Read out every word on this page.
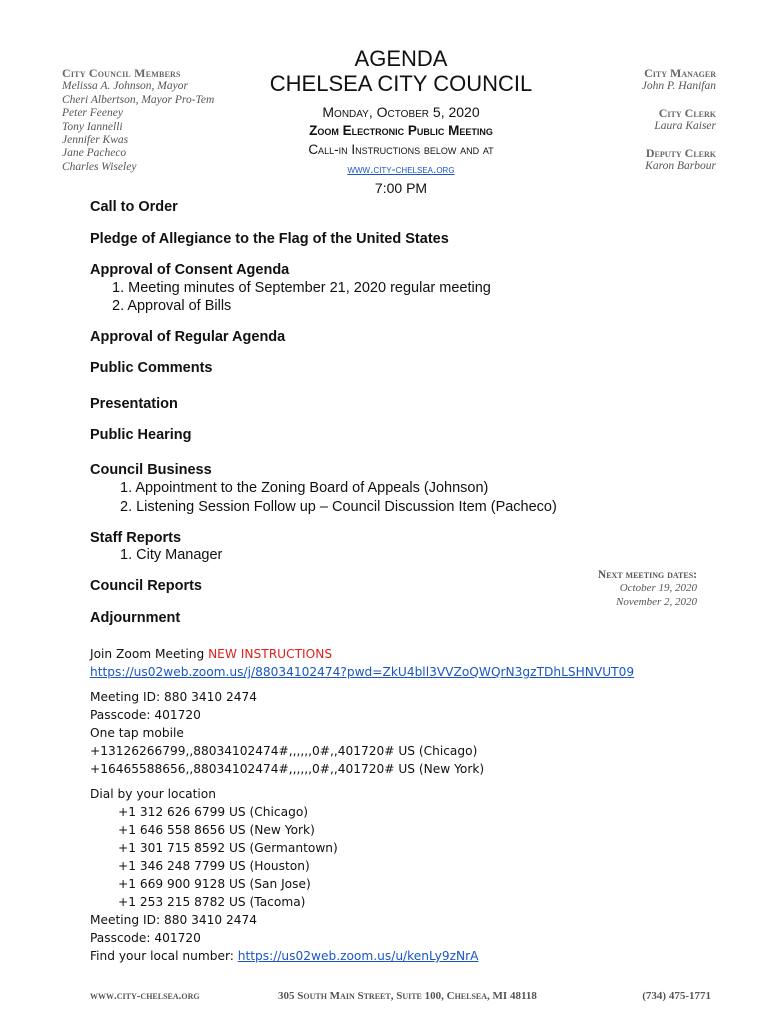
City Council Members
Melissa A. Johnson, Mayor
Cheri Albertson, Mayor Pro-Tem
Peter Feeney
Tony Iannelli
Jennifer Kwas
Jane Pacheco
Charles Wiseley
AGENDA
CHELSEA CITY COUNCIL
Monday, October 5, 2020
Zoom Electronic Public Meeting
Call-in Instructions below and at
www.city-chelsea.org
7:00 PM
City Manager
John P. Hanifan
City Clerk
Laura Kaiser
Deputy Clerk
Karon Barbour
Call to Order
Pledge of Allegiance to the Flag of the United States
Approval of Consent Agenda
1. Meeting minutes of September 21, 2020 regular meeting
2. Approval of Bills
Approval of Regular Agenda
Public Comments
Presentation
Public Hearing
Council Business
1. Appointment to the Zoning Board of Appeals (Johnson)
2. Listening Session Follow up – Council Discussion Item (Pacheco)
Staff Reports
1. City Manager
Council Reports
Adjournment
Next meeting dates:
October 19, 2020
November 2, 2020
Join Zoom Meeting NEW INSTRUCTIONS
https://us02web.zoom.us/j/88034102474?pwd=ZkU4bll3VVZoQWQrN3gzTDhLSHNVUT09
Meeting ID: 880 3410 2474
Passcode: 401720
One tap mobile
+13126266799,,88034102474#,,,,,,0#,,401720# US (Chicago)
+16465588656,,88034102474#,,,,,,0#,,401720# US (New York)
Dial by your location
+1 312 626 6799 US (Chicago)
+1 646 558 8656 US (New York)
+1 301 715 8592 US (Germantown)
+1 346 248 7799 US (Houston)
+1 669 900 9128 US (San Jose)
+1 253 215 8782 US (Tacoma)
Meeting ID: 880 3410 2474
Passcode: 401720
Find your local number: https://us02web.zoom.us/u/kenLy9zNrA
www.city-chelsea.org	305 South Main Street, Suite 100, Chelsea, MI 48118	(734) 475-1771
